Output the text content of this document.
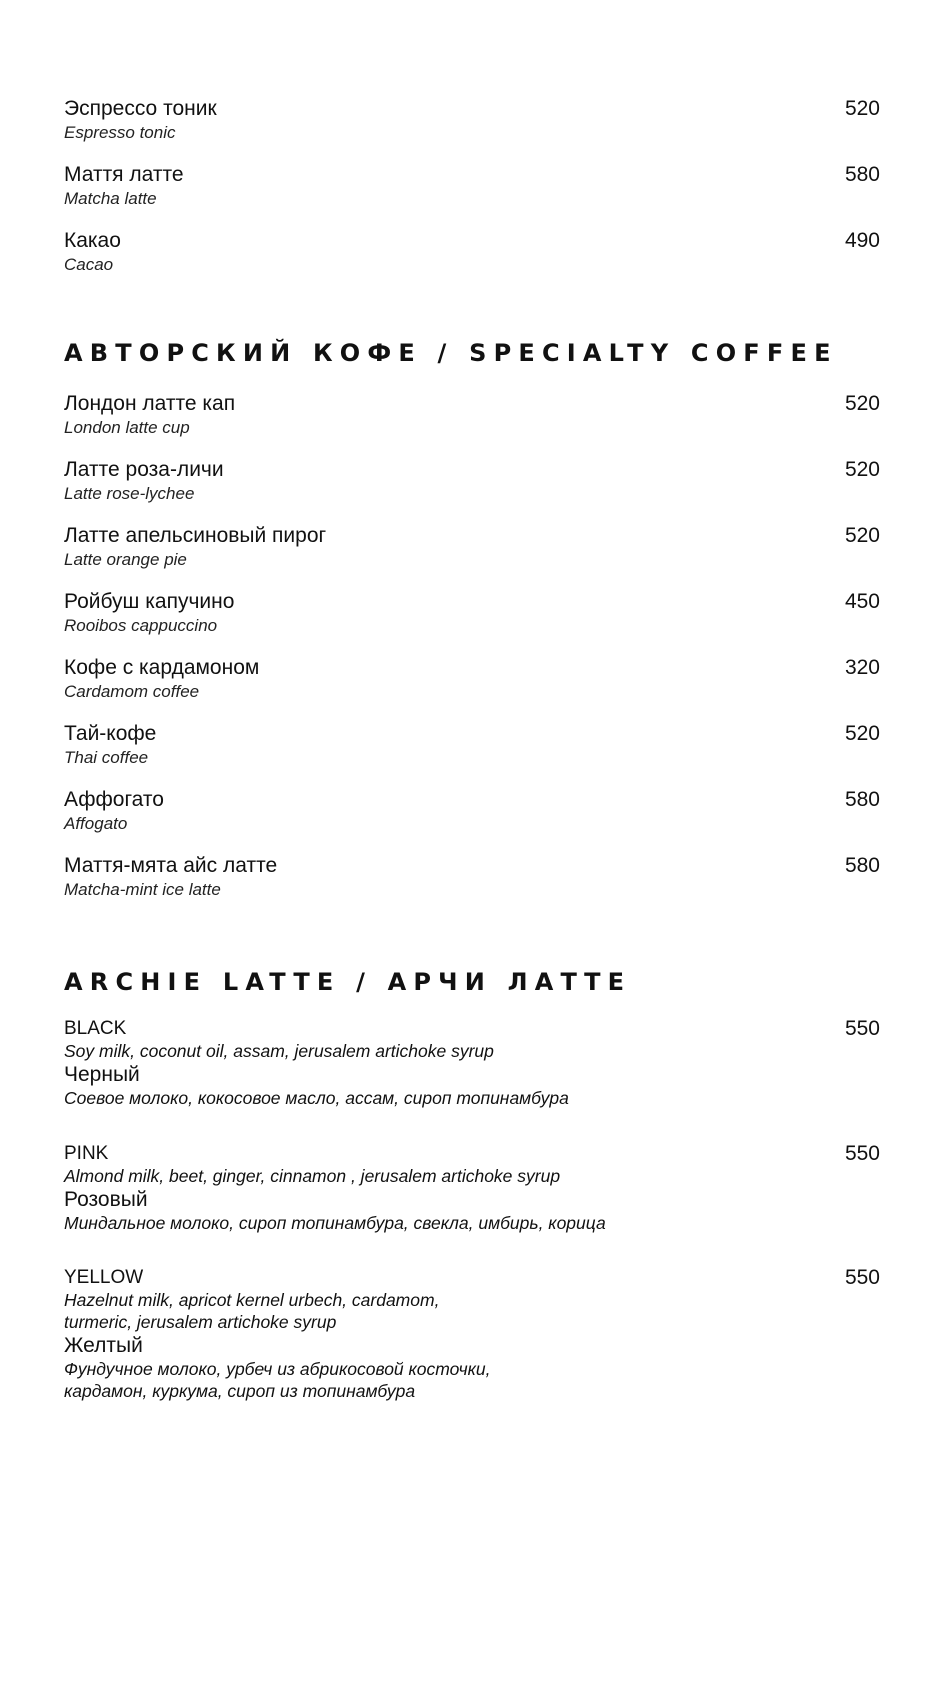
Эспрессо тоник
Espresso tonic
520
Маття латте
Matcha latte
580
Какао
Cacao
490
АВТОРСКИЙ КОФЕ / SPECIALTY COFFEE
Лондон латте кап
London latte cup
520
Латте роза-личи
Latte rose-lychee
520
Латте апельсиновый пирог
Latte orange pie
520
Ройбуш капучино
Rooibos cappuccino
450
Кофе с кардамоном
Cardamom coffee
320
Тай-кофе
Thai coffee
520
Аффогато
Affogato
580
Маття-мята айс латте
Matcha-mint ice latte
580
ARCHIE LATTE / АРЧИ ЛАТТЕ
BLACK
Soy milk, coconut oil, assam, jerusalem artichoke syrup
Черный
Соевое молоко, кокосовое масло, ассам, сироп топинамбура
550
PINK
Almond milk, beet, ginger, cinnamon , jerusalem artichoke syrup
Розовый
Миндальное молоко, сироп топинамбура, свекла, имбирь, корица
550
YELLOW
Hazelnut milk, apricot kernel urbech, cardamom,
turmeric, jerusalem artichoke syrup
Желтый
Фундучное молоко, урбеч из абрикосовой косточки,
кардамон, куркума, сироп из топинамбура
550
